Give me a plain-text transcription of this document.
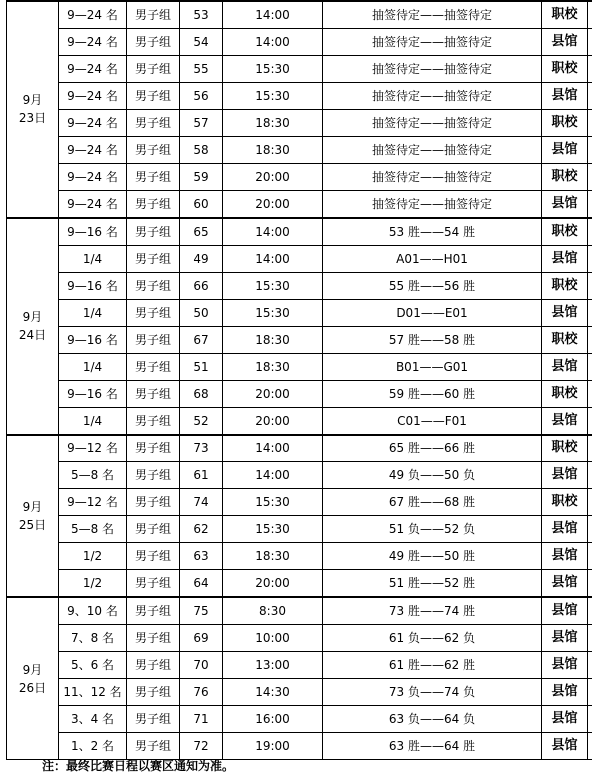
9月
23日	9—24 名	男子组	53	14:00	抽签待定——抽签待定	职校	
	9—24 名	男子组	54	14:00	抽签待定——抽签待定	县馆	
	9—24 名	男子组	55	15:30	抽签待定——抽签待定	职校	
	9—24 名	男子组	56	15:30	抽签待定——抽签待定	县馆	
	9—24 名	男子组	57	18:30	抽签待定——抽签待定	职校	
	9—24 名	男子组	58	18:30	抽签待定——抽签待定	县馆	
	9—24 名	男子组	59	20:00	抽签待定——抽签待定	职校	
	9—24 名	男子组	60	20:00	抽签待定——抽签待定	县馆	
9月
24日	9—16 名	男子组	65	14:00	53 胜——54 胜	职校	
	1/4	男子组	49	14:00	A01——H01	县馆	
	9—16 名	男子组	66	15:30	55 胜——56 胜	职校	
	1/4	男子组	50	15:30	D01——E01	县馆	
	9—16 名	男子组	67	18:30	57 胜——58 胜	职校	
	1/4	男子组	51	18:30	B01——G01	县馆	
	9—16 名	男子组	68	20:00	59 胜——60 胜	职校	
	1/4	男子组	52	20:00	C01——F01	县馆	
9月
25日	9—12 名	男子组	73	14:00	65 胜——66 胜	职校	
	5—8 名	男子组	61	14:00	49 负——50 负	县馆	
	9—12 名	男子组	74	15:30	67 胜——68 胜	职校	
	5—8 名	男子组	62	15:30	51 负——52 负	县馆	
	1/2	男子组	63	18:30	49 胜——50 胜	县馆	
	1/2	男子组	64	20:00	51 胜——52 胜	县馆	
9月
26日	9、10 名	男子组	75	8:30	73 胜——74 胜	县馆	
	7、8 名	男子组	69	10:00	61 负——62 负	县馆	
	5、6 名	男子组	70	13:00	61 胜——62 胜	县馆	
	11、12 名	男子组	76	14:30	73 负——74 负	县馆	
	3、4 名	男子组	71	16:00	63 负——64 负	县馆	
	1、2 名	男子组	72	19:00	63 胜——64 胜	县馆	
注：最终比赛日程以赛区通知为准。
